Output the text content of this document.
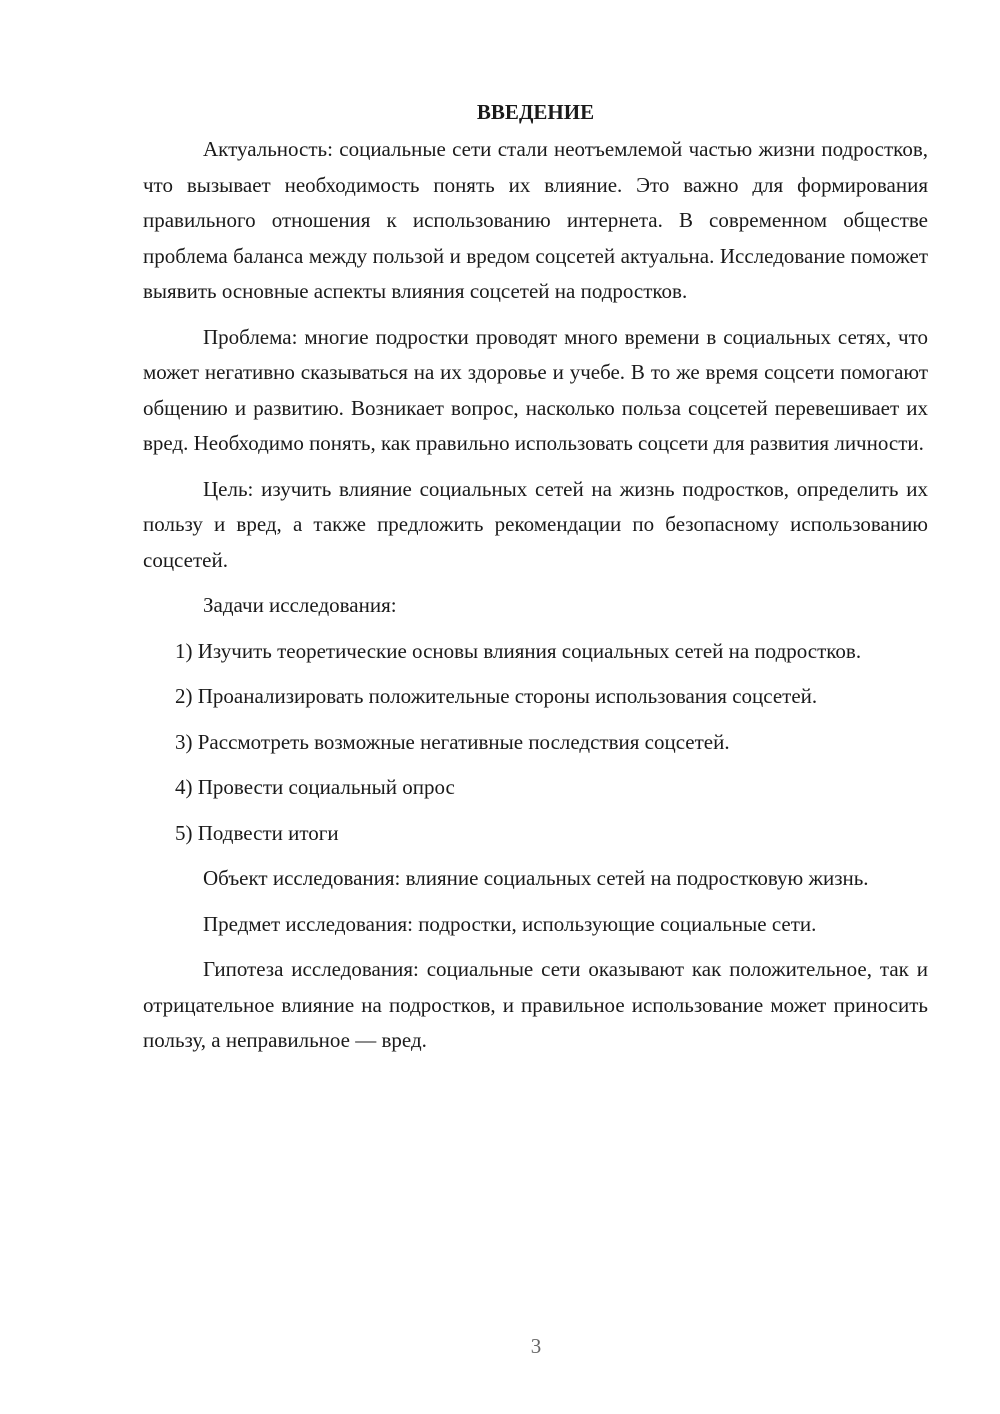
ВВЕДЕНИЕ

Актуальность: социальные сети стали неотъемлемой частью жизни подростков, что вызывает необходимость понять их влияние. Это важно для формирования правильного отношения к использованию интернета. В современном обществе проблема баланса между пользой и вредом соцсетей актуальна. Исследование поможет выявить основные аспекты влияния соцсетей на подростков.

Проблема: многие подростки проводят много времени в социальных сетях, что может негативно сказываться на их здоровье и учебе. В то же время соцсети помогают общению и развитию. Возникает вопрос, насколько польза соцсетей перевешивает их вред. Необходимо понять, как правильно использовать соцсети для развития личности.

Цель: изучить влияние социальных сетей на жизнь подростков, определить их пользу и вред, а также предложить рекомендации по безопасному использованию соцсетей.

Задачи исследования:

1) Изучить теоретические основы влияния социальных сетей на подростков.

2) Проанализировать положительные стороны использования соцсетей.

3) Рассмотреть возможные негативные последствия соцсетей.

4) Провести социальный опрос

5) Подвести итоги

Объект исследования: влияние социальных сетей на подростковую жизнь.

Предмет исследования: подростки, использующие социальные сети.

Гипотеза исследования: социальные сети оказывают как положительное, так и отрицательное влияние на подростков, и правильное использование может приносить пользу, а неправильное — вред.

3
